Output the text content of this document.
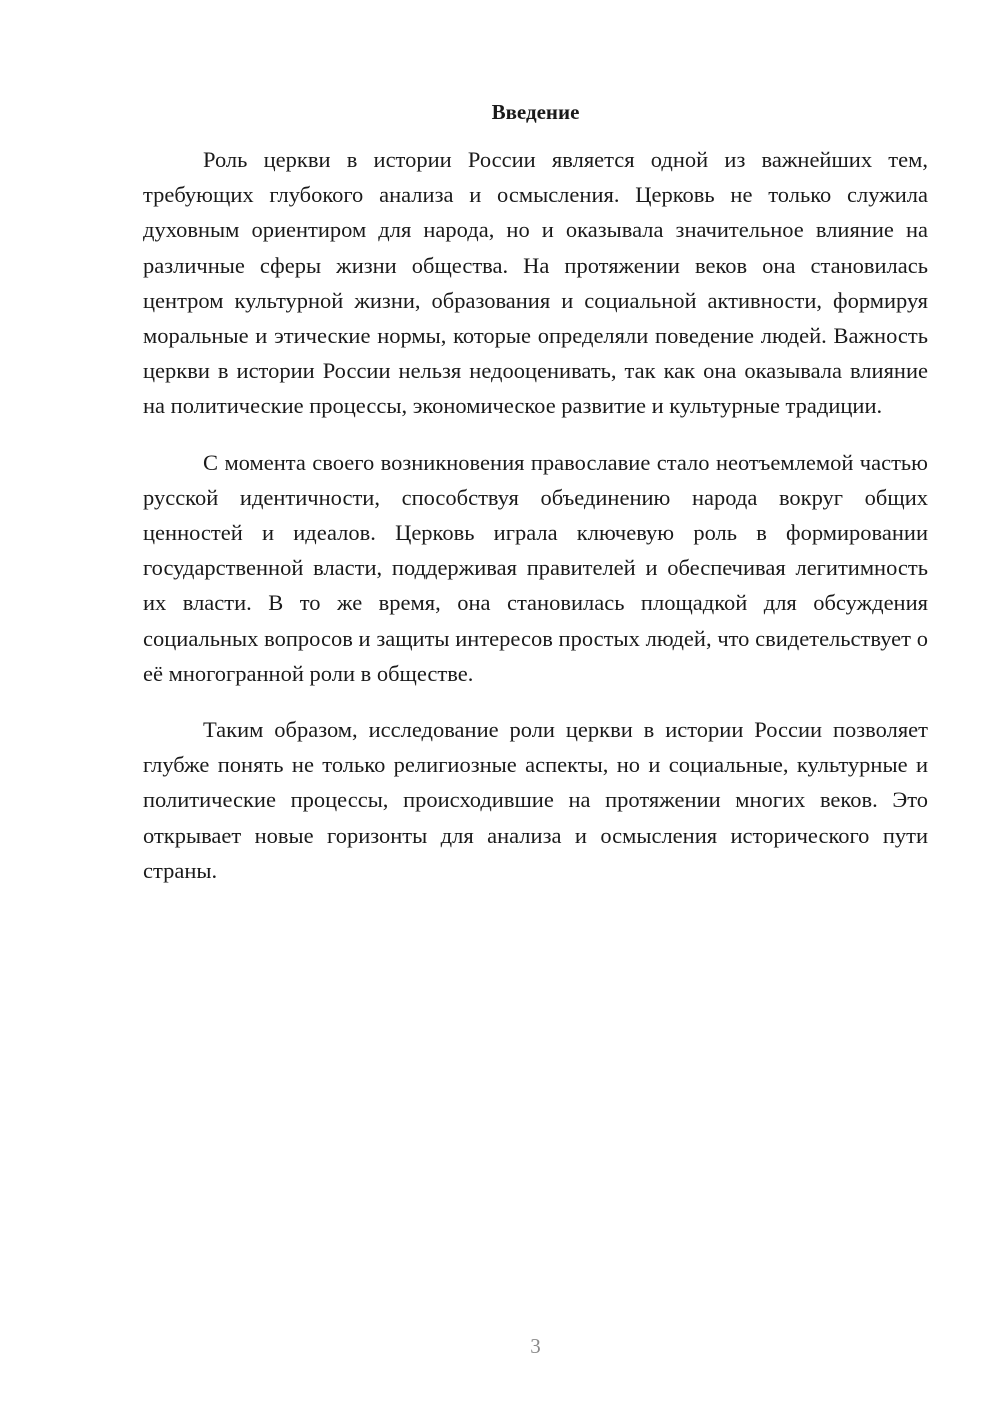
Введение

Роль церкви в истории России является одной из важнейших тем, требующих глубокого анализа и осмысления. Церковь не только служила духовным ориентиром для народа, но и оказывала значительное влияние на различные сферы жизни общества. На протяжении веков она становилась центром культурной жизни, образования и социальной активности, формируя моральные и этические нормы, которые определяли поведение людей. Важность церкви в истории России нельзя недооценивать, так как она оказывала влияние на политические процессы, экономическое развитие и культурные традиции.

С момента своего возникновения православие стало неотъемлемой частью русской идентичности, способствуя объединению народа вокруг общих ценностей и идеалов. Церковь играла ключевую роль в формировании государственной власти, поддерживая правителей и обеспечивая легитимность их власти. В то же время, она становилась площадкой для обсуждения социальных вопросов и защиты интересов простых людей, что свидетельствует о её многогранной роли в обществе.

Таким образом, исследование роли церкви в истории России позволяет глубже понять не только религиозные аспекты, но и социальные, культурные и политические процессы, происходившие на протяжении многих веков. Это открывает новые горизонты для анализа и осмысления исторического пути страны.

3
